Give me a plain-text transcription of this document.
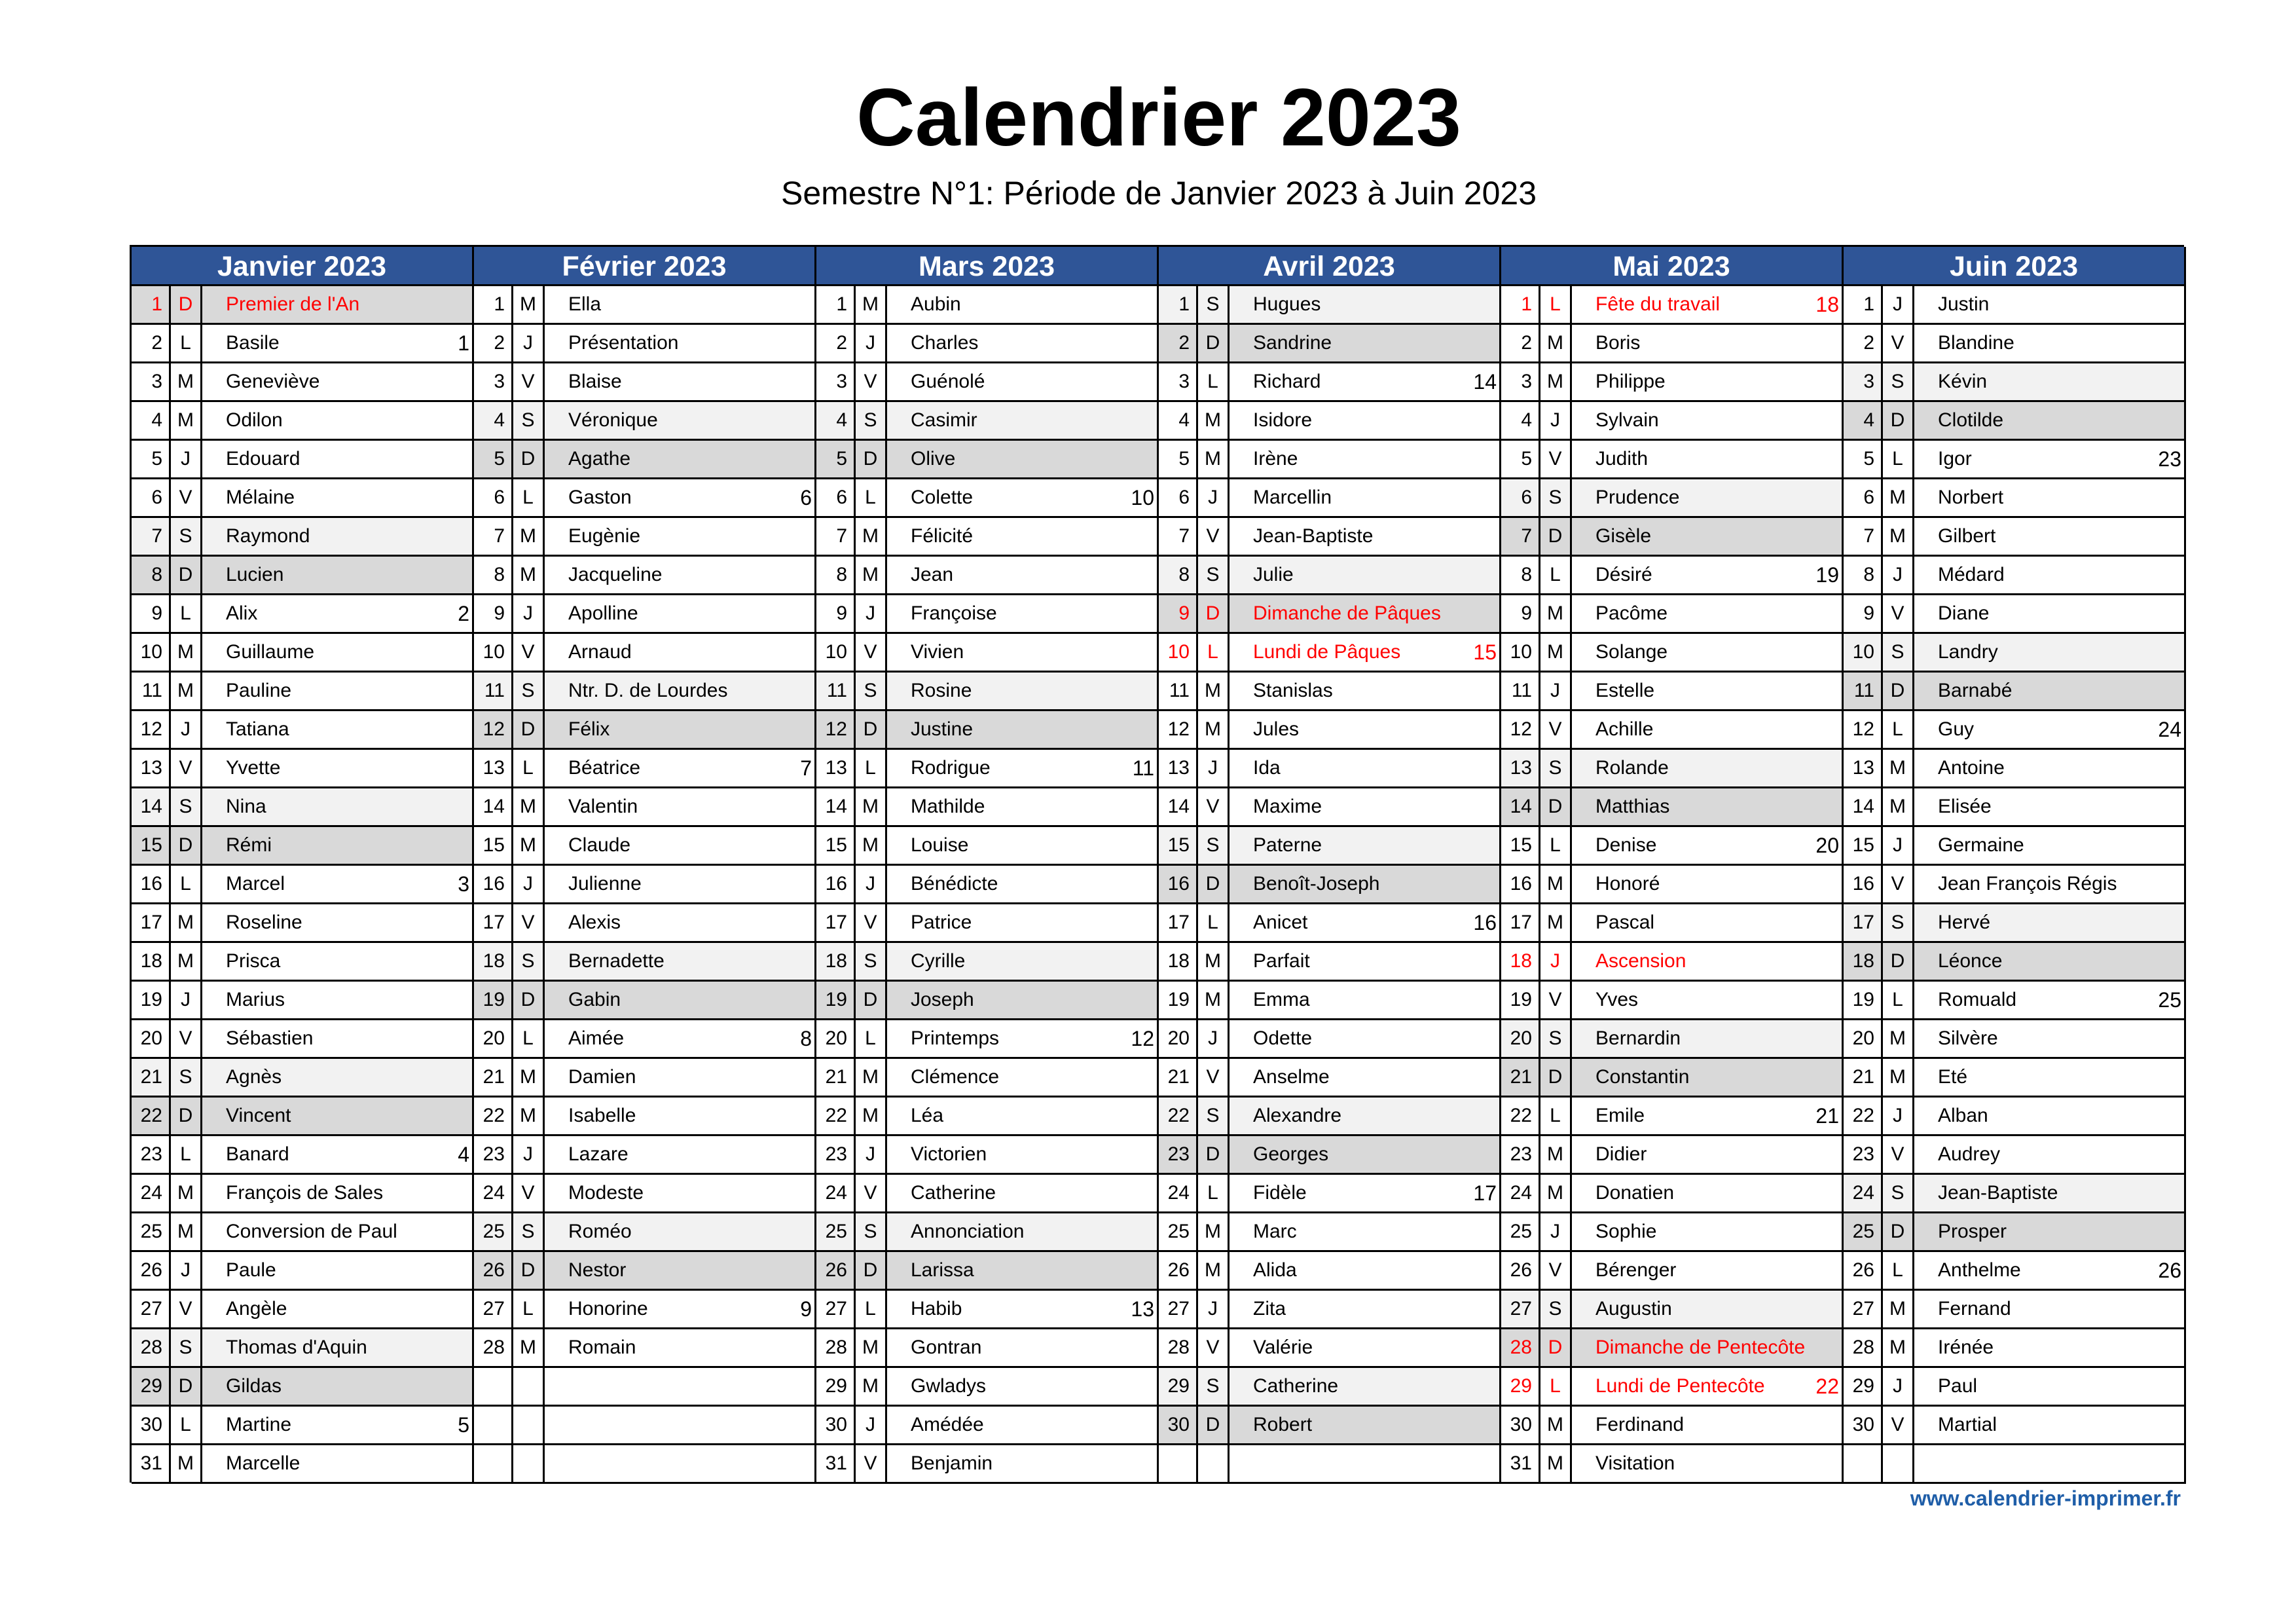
Calendrier 2023
Semestre N°1: Période de Janvier 2023 à Juin 2023
Janvier 2023
1 D	Premier de l'An
2 L	Basile	1
3 M	Geneviève
4 M	Odilon
5 J	Edouard
6 V	Mélaine
7 S	Raymond
8 D	Lucien
9 L	Alix	2
10 M	Guillaume
11 M	Pauline
12 J	Tatiana
13 V	Yvette
14 S	Nina
15 D	Rémi
16 L	Marcel	3
17 M	Roseline
18 M	Prisca
19 J	Marius
20 V	Sébastien
21 S	Agnès
22 D	Vincent
23 L	Banard	4
24 M	François de Sales
25 M	Conversion de Paul
26 J	Paule
27 V	Angèle
28 S	Thomas d'Aquin
29 D	Gildas
30 L	Martine	5
31 M	Marcelle
Février 2023
1 M	Ella
2 J	Présentation
3 V	Blaise
4 S	Véronique
5 D	Agathe
6 L	Gaston	6
7 M	Eugènie
8 M	Jacqueline
9 J	Apolline
10 V	Arnaud
11 S	Ntr. D. de Lourdes
12 D	Félix
13 L	Béatrice	7
14 M	Valentin
15 M	Claude
16 J	Julienne
17 V	Alexis
18 S	Bernadette
19 D	Gabin
20 L	Aimée	8
21 M	Damien
22 M	Isabelle
23 J	Lazare
24 V	Modeste
25 S	Roméo
26 D	Nestor
27 L	Honorine	9
28 M	Romain
Mars 2023
1 M	Aubin
2 J	Charles
3 V	Guénolé
4 S	Casimir
5 D	Olive
6 L	Colette	10
7 M	Félicité
8 M	Jean
9 J	Françoise
10 V	Vivien
11 S	Rosine
12 D	Justine
13 L	Rodrigue	11
14 M	Mathilde
15 M	Louise
16 J	Bénédicte
17 V	Patrice
18 S	Cyrille
19 D	Joseph
20 L	Printemps	12
21 M	Clémence
22 M	Léa
23 J	Victorien
24 V	Catherine
25 S	Annonciation
26 D	Larissa
27 L	Habib	13
28 M	Gontran
29 M	Gwladys
30 J	Amédée
31 V	Benjamin
Avril 2023
1 S	Hugues
2 D	Sandrine
3 L	Richard	14
4 M	Isidore
5 M	Irène
6 J	Marcellin
7 V	Jean-Baptiste
8 S	Julie
9 D	Dimanche de Pâques
10 L	Lundi de Pâques	15
11 M	Stanislas
12 M	Jules
13 J	Ida
14 V	Maxime
15 S	Paterne
16 D	Benoît-Joseph
17 L	Anicet	16
18 M	Parfait
19 M	Emma
20 J	Odette
21 V	Anselme
22 S	Alexandre
23 D	Georges
24 L	Fidèle	17
25 M	Marc
26 M	Alida
27 J	Zita
28 V	Valérie
29 S	Catherine
30 D	Robert
Mai 2023
1 L	Fête du travail	18
2 M	Boris
3 M	Philippe
4 J	Sylvain
5 V	Judith
6 S	Prudence
7 D	Gisèle
8 L	Désiré	19
9 M	Pacôme
10 M	Solange
11 J	Estelle
12 V	Achille
13 S	Rolande
14 D	Matthias
15 L	Denise	20
16 M	Honoré
17 M	Pascal
18 J	Ascension
19 V	Yves
20 S	Bernardin
21 D	Constantin
22 L	Emile	21
23 M	Didier
24 M	Donatien
25 J	Sophie
26 V	Bérenger
27 S	Augustin
28 D	Dimanche de Pentecôte
29 L	Lundi de Pentecôte 22
30 M	Ferdinand
31 M	Visitation
Juin 2023
1 J	Justin
2 V	Blandine
3 S	Kévin
4 D	Clotilde
5 L	Igor	23
6 M	Norbert
7 M	Gilbert
8 J	Médard
9 V	Diane
10 S	Landry
11 D	Barnabé
12 L	Guy	24
13 M	Antoine
14 M	Elisée
15 J	Germaine
16 V	Jean François Régis
17 S	Hervé
18 D	Léonce
19 L	Romuald	25
20 M	Silvère
21 M	Eté
22 J	Alban
23 V	Audrey
24 S	Jean-Baptiste
25 D	Prosper
26 L	Anthelme	26
27 M	Fernand
28 M	Irénée
29 J	Paul
30 V	Martial
www.calendrier-imprimer.fr
